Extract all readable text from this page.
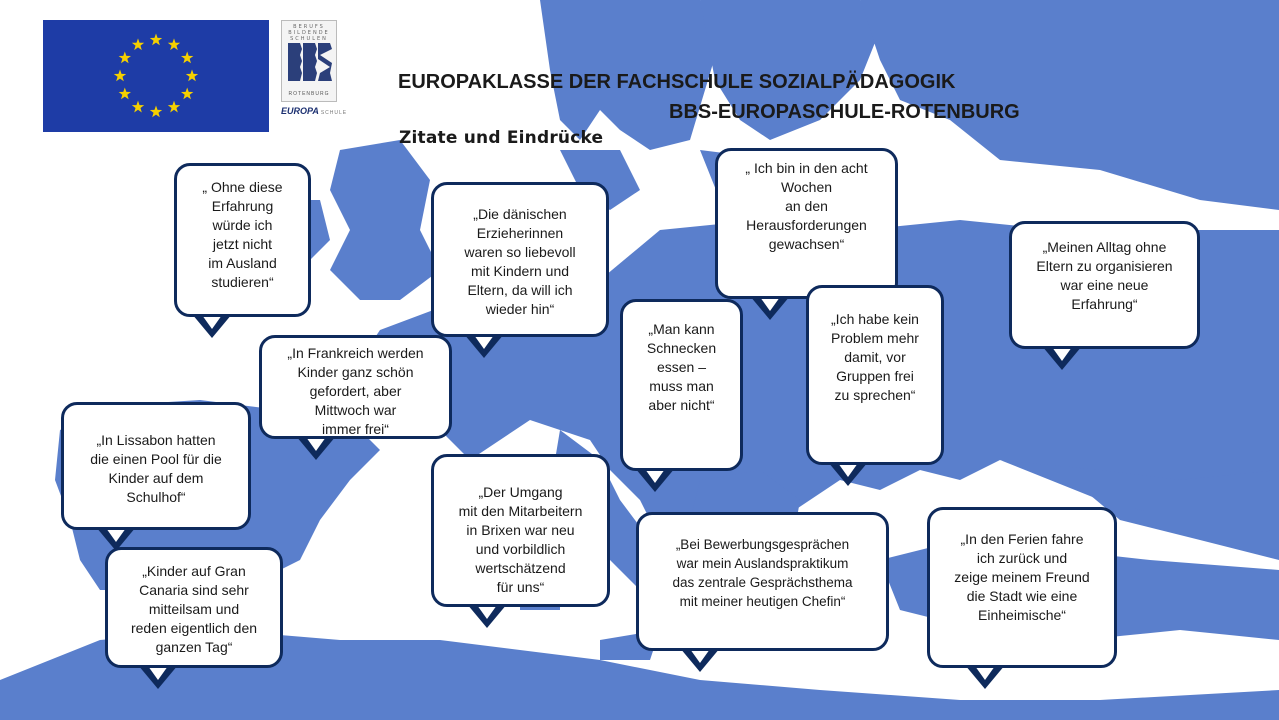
BERUFS BILDENDE SCHULEN
ROTENBURG
EUROPA SCHULE
EUROPAKLASSE DER FACHSCHULE SOZIALPÄDAGOGIK
BBS-EUROPASCHULE-ROTENBURG
Zitate und Eindrücke
„ Ohne diese
Erfahrung
würde ich
jetzt nicht
im Ausland
studieren“
„Die dänischen
Erzieherinnen
waren so liebevoll
mit Kindern und
Eltern, da will ich
wieder hin“
„ Ich bin in den acht
Wochen
an den
Herausforderungen
gewachsen“	„Meinen Alltag ohne
Eltern zu organisieren
war eine neue
Erfahrung“
„In Frankreich werden
Kinder ganz schön
gefordert, aber
Mittwoch war
immer frei“
„Man kann
Schnecken
essen –
muss man
aber nicht“
„Ich habe kein
Problem mehr
damit, vor
Gruppen frei
zu sprechen“
„In Lissabon hatten
die einen Pool für die
Kinder auf dem
Schulhof“	„Der Umgang
mit den Mitarbeitern
in Brixen war neu
und vorbildlich
wertschätzend
für uns“
„Kinder auf Gran
Canaria sind sehr
mitteilsam und
reden eigentlich den
ganzen Tag“
„Bei Bewerbungsgesprächen
war mein Auslandspraktikum
das zentrale Gesprächsthema
mit meiner heutigen Chefin“
„In den Ferien fahre
ich zurück und
zeige meinem Freund
die Stadt wie eine
Einheimische“
